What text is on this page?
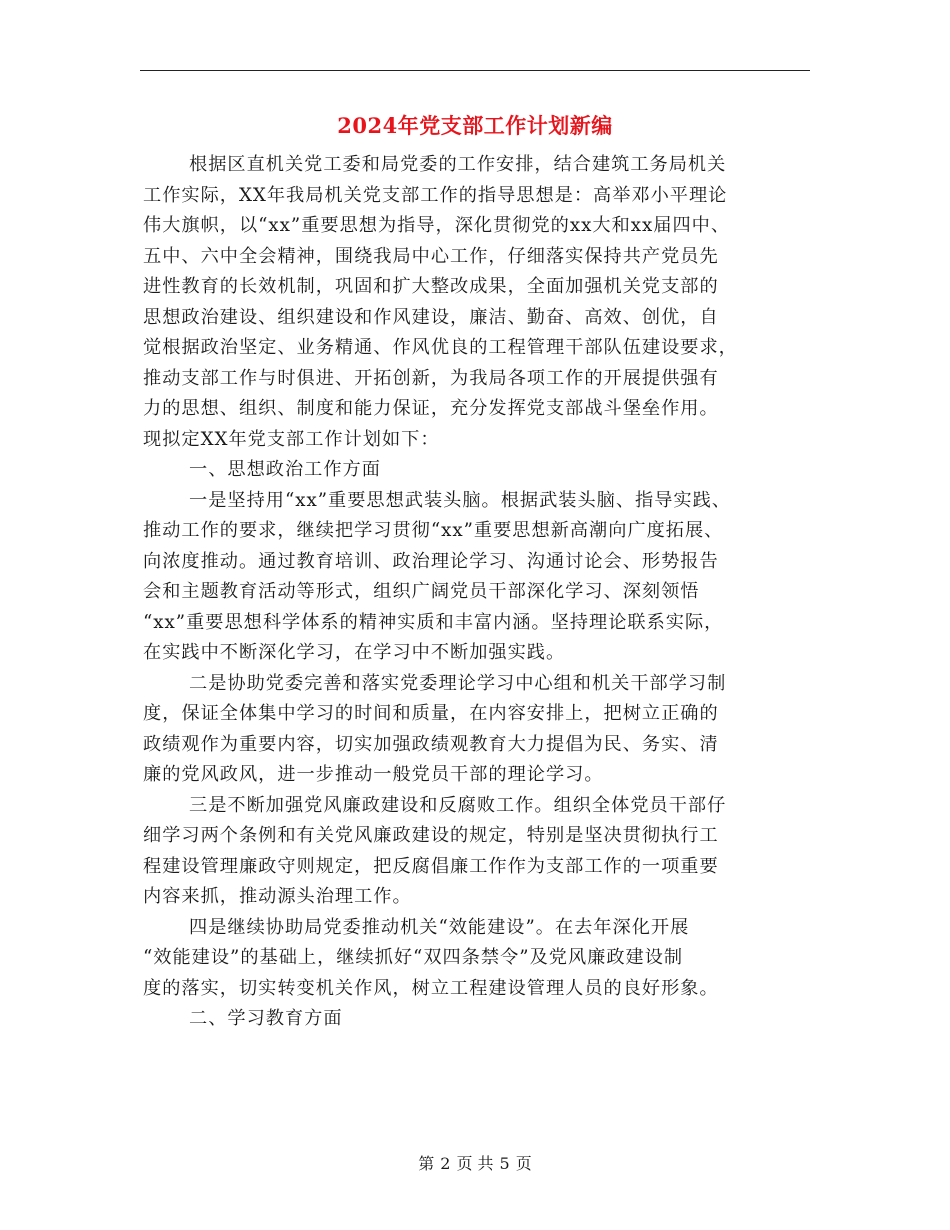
2024年党支部工作计划新编
根据区直机关党工委和局党委的工作安排，结合建筑工务局机关
工作实际，XX年我局机关党支部工作的指导思想是：高举邓小平理论
伟大旗帜，以“xx”重要思想为指导，深化贯彻党的xx大和xx届四中、
五中、六中全会精神，围绕我局中心工作，仔细落实保持共产党员先
进性教育的长效机制，巩固和扩大整改成果，全面加强机关党支部的
思想政治建设、组织建设和作风建设，廉洁、勤奋、高效、创优，自
觉根据政治坚定、业务精通、作风优良的工程管理干部队伍建设要求，
推动支部工作与时俱进、开拓创新，为我局各项工作的开展提供强有
力的思想、组织、制度和能力保证，充分发挥党支部战斗堡垒作用。
现拟定XX年党支部工作计划如下：
一、思想政治工作方面
一是坚持用“xx”重要思想武装头脑。根据武装头脑、指导实践、
推动工作的要求，继续把学习贯彻“xx”重要思想新高潮向广度拓展、
向浓度推动。通过教育培训、政治理论学习、沟通讨论会、形势报告
会和主题教育活动等形式，组织广阔党员干部深化学习、深刻领悟
“xx”重要思想科学体系的精神实质和丰富内涵。坚持理论联系实际，
在实践中不断深化学习，在学习中不断加强实践。
二是协助党委完善和落实党委理论学习中心组和机关干部学习制
度，保证全体集中学习的时间和质量，在内容安排上，把树立正确的
政绩观作为重要内容，切实加强政绩观教育大力提倡为民、务实、清
廉的党风政风，进一步推动一般党员干部的理论学习。
三是不断加强党风廉政建设和反腐败工作。组织全体党员干部仔
细学习两个条例和有关党风廉政建设的规定，特别是坚决贯彻执行工
程建设管理廉政守则规定，把反腐倡廉工作作为支部工作的一项重要
内容来抓，推动源头治理工作。
四是继续协助局党委推动机关“效能建设”。在去年深化开展
“效能建设”的基础上，继续抓好“双四条禁令”及党风廉政建设制
度的落实，切实转变机关作风，树立工程建设管理人员的良好形象。
二、学习教育方面
第 2 页 共 5 页
